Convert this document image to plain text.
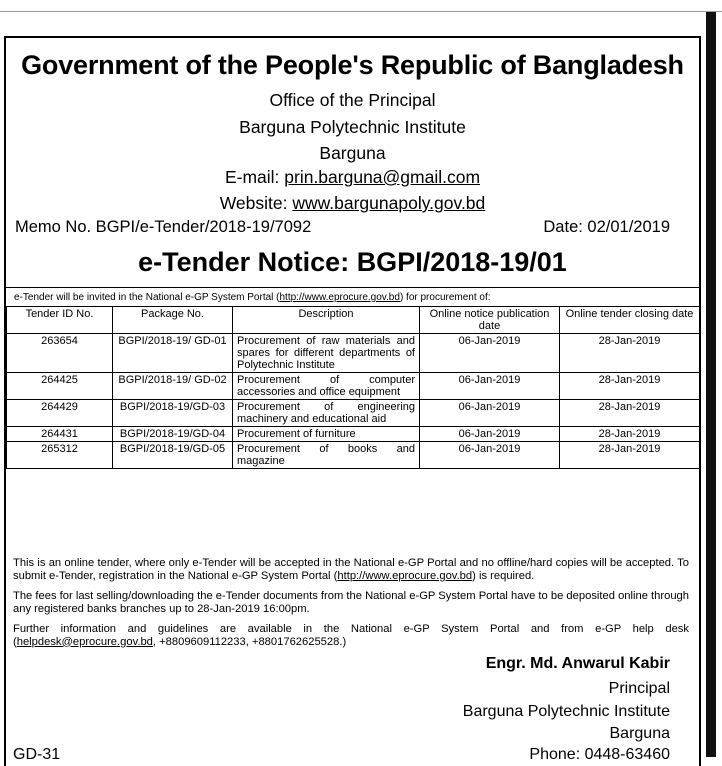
Government of the People's Republic of Bangladesh
Office of the Principal
Barguna Polytechnic Institute
Barguna
E-mail: prin.barguna@gmail.com
Website: www.bargunapoly.gov.bd
Memo No. BGPI/e-Tender/2018-19/7092	Date: 02/01/2019
e-Tender Notice: BGPI/2018-19/01
e-Tender will be invited in the National e-GP System Portal (http://www.eprocure.gov.bd) for procurement of:
Tender ID No.	Package No.	Description	Online notice publication date	Online tender closing date
263654	BGPI/2018-19/ GD-01	Procurement of raw materials and spares for different departments of Polytechnic Institute	06-Jan-2019	28-Jan-2019
264425	BGPI/2018-19/ GD-02	Procurement of computer accessories and office equipment	06-Jan-2019	28-Jan-2019
264429	BGPI/2018-19/GD-03	Procurement of engineering machinery and educational aid	06-Jan-2019	28-Jan-2019
264431	BGPI/2018-19/GD-04	Procurement of furniture	06-Jan-2019	28-Jan-2019
265312	BGPI/2018-19/GD-05	Procurement of books and magazine	06-Jan-2019	28-Jan-2019
This is an online tender, where only e-Tender will be accepted in the National e-GP Portal and no offline/hard copies will be accepted. To submit e-Tender, registration in the National e-GP System Portal (http://www.eprocure.gov.bd) is required.
The fees for last selling/downloading the e-Tender documents from the National e-GP System Portal have to be deposited online through any registered banks branches up to 28-Jan-2019 16:00pm.
Further information and guidelines are available in the National e-GP System Portal and from e-GP help desk (helpdesk@eprocure.gov.bd, +8809609112233, +8801762625528.)
Engr. Md. Anwarul Kabir
Principal
Barguna Polytechnic Institute
Barguna
Phone: 0448-63460
GD-31
